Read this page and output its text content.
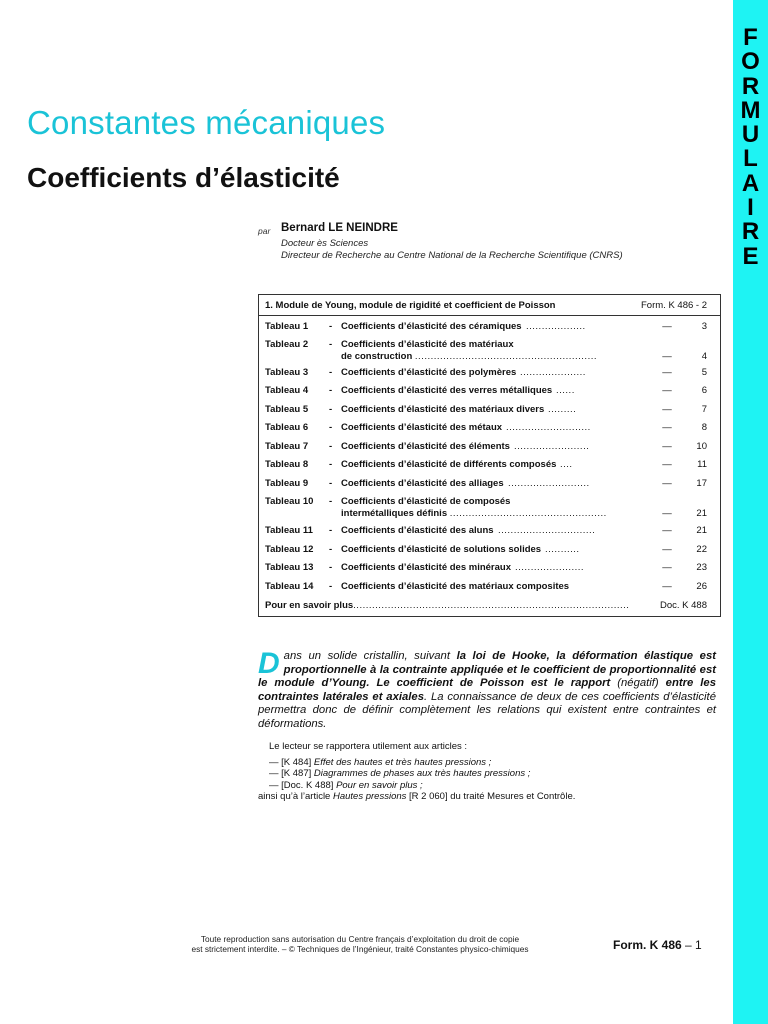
F
O
R
M
U
L
A
I
R
E
Constantes mécaniques
Coefficients d’élasticité
par Bernard LE NEINDRE
Docteur ès Sciences
Directeur de Recherche au Centre National de la Recherche Scientifique (CNRS)
1. Module de Young, module de rigidité et coefficient de Poisson	Form. K 486 - 2
Tableau 1 - Coefficients d’élasticité des céramiques ...................	—	3
Tableau 2 - Coefficients d’élasticité des matériaux
de construction ..........................................................	—	4
Tableau 3 - Coefficients d’élasticité des polymères .....................	—	5
Tableau 4 - Coefficients d’élasticité des verres métalliques ......	—	6
Tableau 5 - Coefficients d’élasticité des matériaux divers .........	—	7
Tableau 6 - Coefficients d’élasticité des métaux ...........................	—	8
Tableau 7 - Coefficients d’élasticité des éléments ........................	—	10
Tableau 8 - Coefficients d’élasticité de différents composés ....	—	11
Tableau 9 - Coefficients d’élasticité des alliages ..........................	—	17
Tableau 10 - Coefficients d’élasticité de composés
intermétalliques définis ..................................................	—	21
Tableau 11 - Coefficients d’élasticité des aluns ...............................	—	21
Tableau 12 - Coefficients d’élasticité de solutions solides ...........	—	22
Tableau 13 - Coefficients d’élasticité des minéraux ......................	—	23
Tableau 14 - Coefficients d’élasticité des matériaux composites	—	26
Pour en savoir plus........................................................................................	Doc. K 488
Dans un solide cristallin, suivant la loi de Hooke, la déformation élastique est proportionnelle à la contrainte appliquée et le coefficient de proportionnalité est le module d’Young. Le coefficient de Poisson est le rapport (négatif) entre les contraintes latérales et axiales. La connaissance de deux de ces coefficients d’élasticité permettra donc de définir complètement les relations qui existent entre contraintes et déformations.
Le lecteur se rapportera utilement aux articles :
— [K 484] Effet des hautes et très hautes pressions ;
— [K 487] Diagrammes de phases aux très hautes pressions ;
— [Doc. K 488] Pour en savoir plus ;
ainsi qu’à l’article Hautes pressions [R 2 060] du traité Mesures et Contrôle.
Toute reproduction sans autorisation du Centre français d’exploitation du droit de copie
est strictement interdite. – © Techniques de l’Ingénieur, traité Constantes physico-chimiques	Form. K 486 – 1
